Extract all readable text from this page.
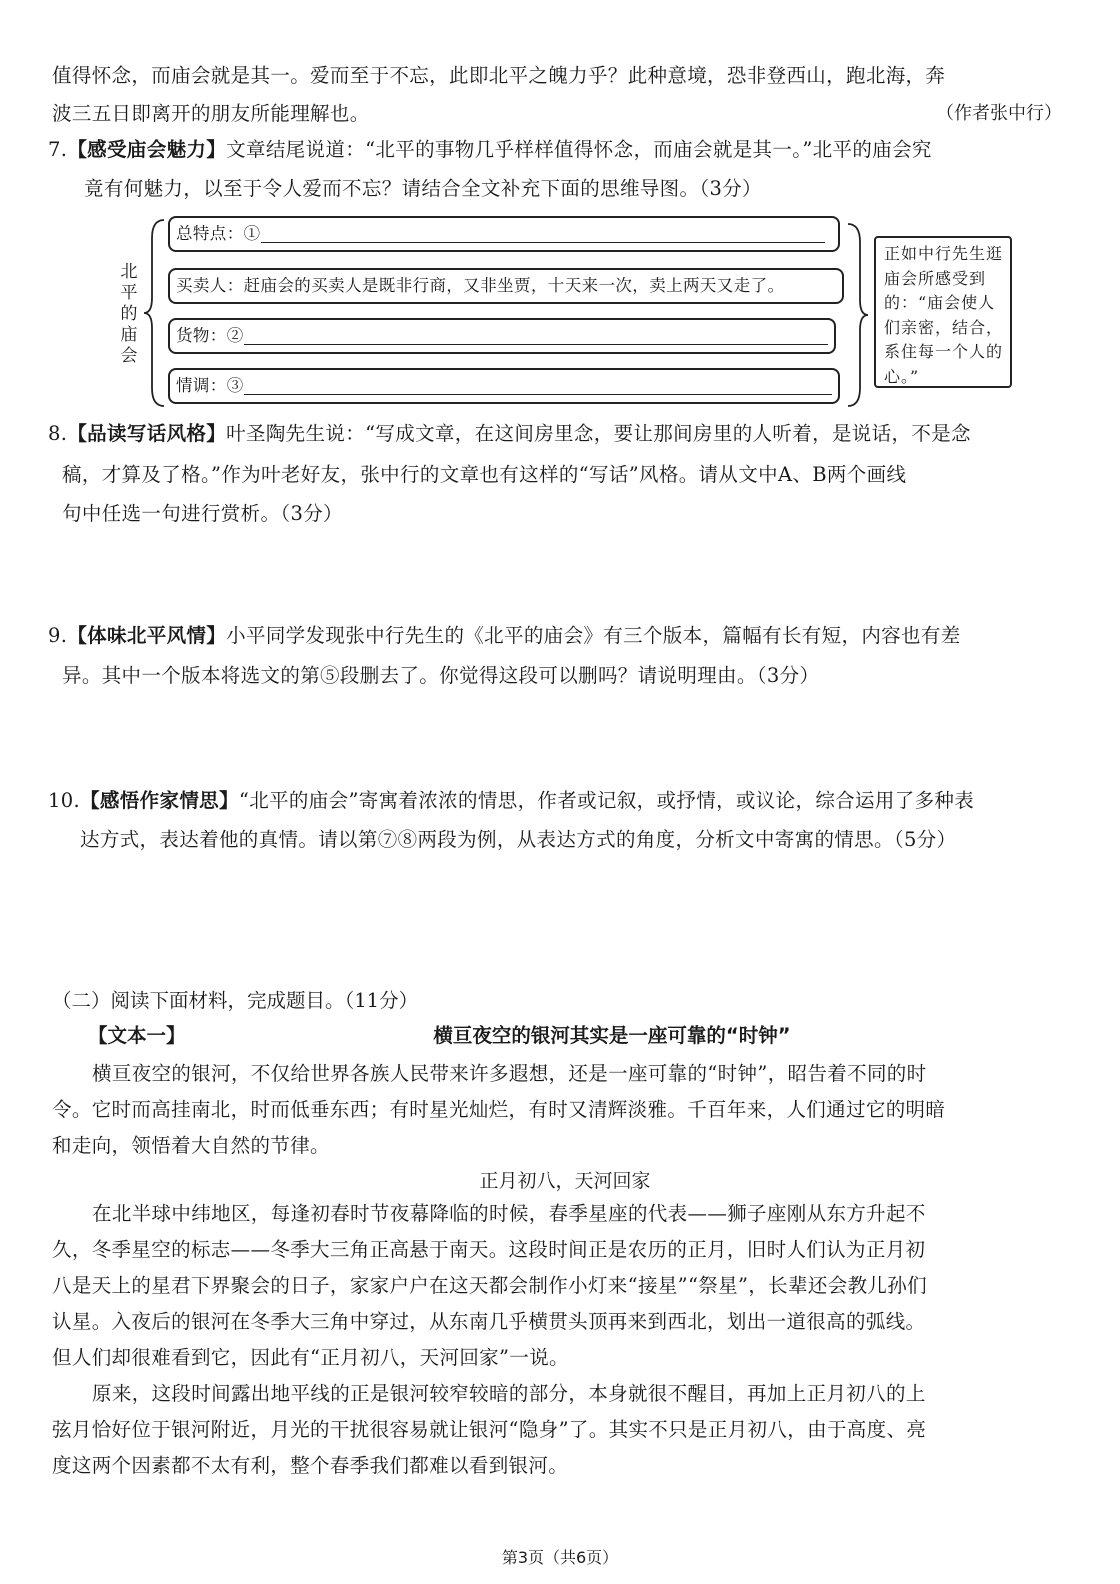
值得怀念，而庙会就是其一。爱而至于不忘，此即北平之魄力乎？此种意境，恐非登西山，跑北海，奔
波三五日即离开的朋友所能理解也。	（作者张中行）
7.【感受庙会魅力】文章结尾说道：“北平的事物几乎样样值得怀念，而庙会就是其一。”北平的庙会究
竟有何魅力，以至于令人爱而不忘？请结合全文补充下面的思维导图。（3分）
北平的庙会
总特点：①
买卖人：赶庙会的买卖人是既非行商，又非坐贾，十天来一次，卖上两天又走了。
货物：②
情调：③
正如中行先生逛庙会所感受到的：“庙会使人们亲密，结合，系住每一个人的心。”
8.【品读写话风格】叶圣陶先生说：“写成文章，在这间房里念，要让那间房里的人听着，是说话，不是念
稿，才算及了格。”作为叶老好友，张中行的文章也有这样的“写话”风格。请从文中A、B两个画线
句中任选一句进行赏析。（3分）
9.【体味北平风情】小平同学发现张中行先生的《北平的庙会》有三个版本，篇幅有长有短，内容也有差
异。其中一个版本将选文的第⑤段删去了。你觉得这段可以删吗？请说明理由。（3分）
10.【感悟作家情思】“北平的庙会”寄寓着浓浓的情思，作者或记叙，或抒情，或议论，综合运用了多种表
达方式，表达着他的真情。请以第⑦⑧两段为例，从表达方式的角度，分析文中寄寓的情思。（5分）
（二）阅读下面材料，完成题目。（11分）
【文本一】	横亘夜空的银河其实是一座可靠的“时钟”
横亘夜空的银河，不仅给世界各族人民带来许多遐想，还是一座可靠的“时钟”，昭告着不同的时
令。它时而高挂南北，时而低垂东西；有时星光灿烂，有时又清辉淡雅。千百年来，人们通过它的明暗
和走向，领悟着大自然的节律。
正月初八，天河回家
在北半球中纬地区，每逢初春时节夜幕降临的时候，春季星座的代表——狮子座刚从东方升起不
久，冬季星空的标志——冬季大三角正高悬于南天。这段时间正是农历的正月，旧时人们认为正月初
八是天上的星君下界聚会的日子，家家户户在这天都会制作小灯来“接星”“祭星”，长辈还会教儿孙们
认星。入夜后的银河在冬季大三角中穿过，从东南几乎横贯头顶再来到西北，划出一道很高的弧线。
但人们却很难看到它，因此有“正月初八，天河回家”一说。
原来，这段时间露出地平线的正是银河较窄较暗的部分，本身就很不醒目，再加上正月初八的上
弦月恰好位于银河附近，月光的干扰很容易就让银河“隐身”了。其实不只是正月初八，由于高度、亮
度这两个因素都不太有利，整个春季我们都难以看到银河。
第3页（共6页）
